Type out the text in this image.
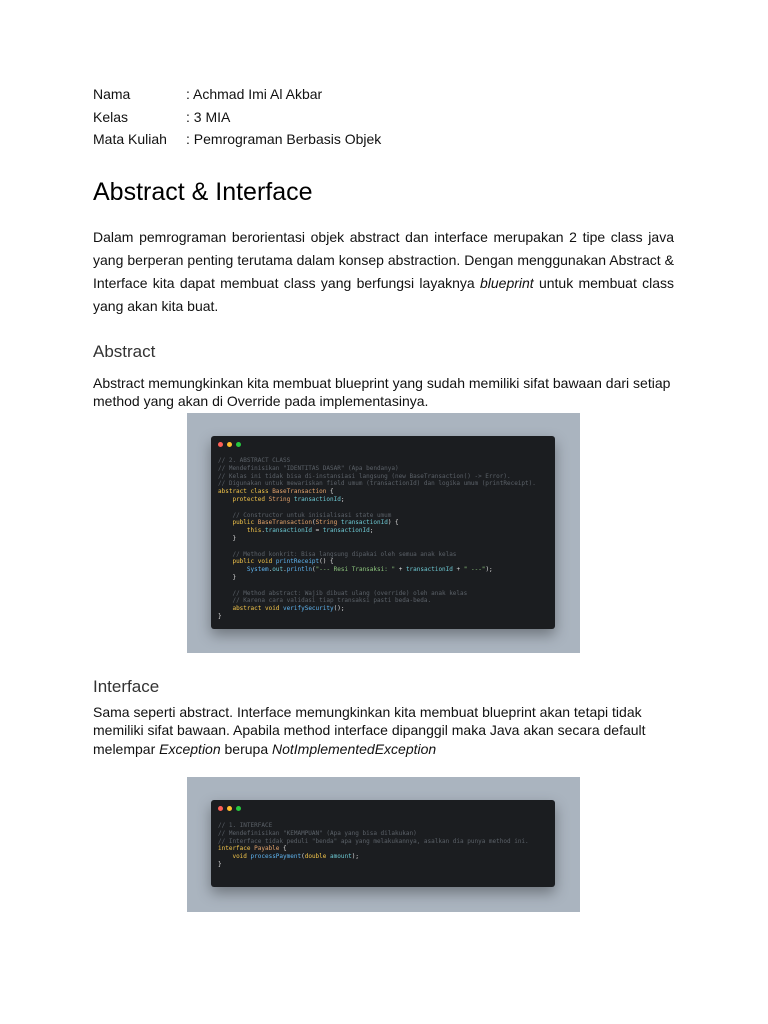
Nama	: Achmad Imi Al Akbar
Kelas	: 3 MIA
Mata Kuliah	: Pemrograman Berbasis Objek
Abstract & Interface

Dalam pemrograman berorientasi objek abstract dan interface merupakan 2 tipe class java yang berperan penting terutama dalam konsep abstraction. Dengan menggunakan Abstract & Interface kita dapat membuat class yang berfungsi layaknya blueprint untuk membuat class yang akan kita buat.

Abstract

Abstract memungkinkan kita membuat blueprint yang sudah memiliki sifat bawaan dari setiap method yang akan di Override pada implementasinya.

// 2. ABSTRACT CLASS
// Mendefinisikan "IDENTITAS DASAR" (Apa bendanya)
// Kelas ini tidak bisa di-instansiasi langsung (new BaseTransaction() -> Error).
// Digunakan untuk mewariskan field umum (transactionId) dan logika umum (printReceipt).
abstract class BaseTransaction {
protected String transactionId;

// Constructor untuk inisialisasi state umum
public BaseTransaction(String transactionId) {
this.transactionId = transactionId;
}

// Method konkrit: Bisa langsung dipakai oleh semua anak kelas
public void printReceipt() {
System.out.println("--- Resi Transaksi: " + transactionId + " ---");
}

// Method abstract: Wajib dibuat ulang (override) oleh anak kelas
// Karena cara validasi tiap transaksi pasti beda-beda.
abstract void verifySecurity();
}
Interface

Sama seperti abstract. Interface memungkinkan kita membuat blueprint akan tetapi tidak memiliki sifat bawaan. Apabila method interface dipanggil maka Java akan secara default melempar Exception berupa NotImplementedException

// 1. INTERFACE
// Mendefinisikan "KEMAMPUAN" (Apa yang bisa dilakukan)
// Interface tidak peduli "benda" apa yang melakukannya, asalkan dia punya method ini.
interface Payable {
void processPayment(double amount);
}
